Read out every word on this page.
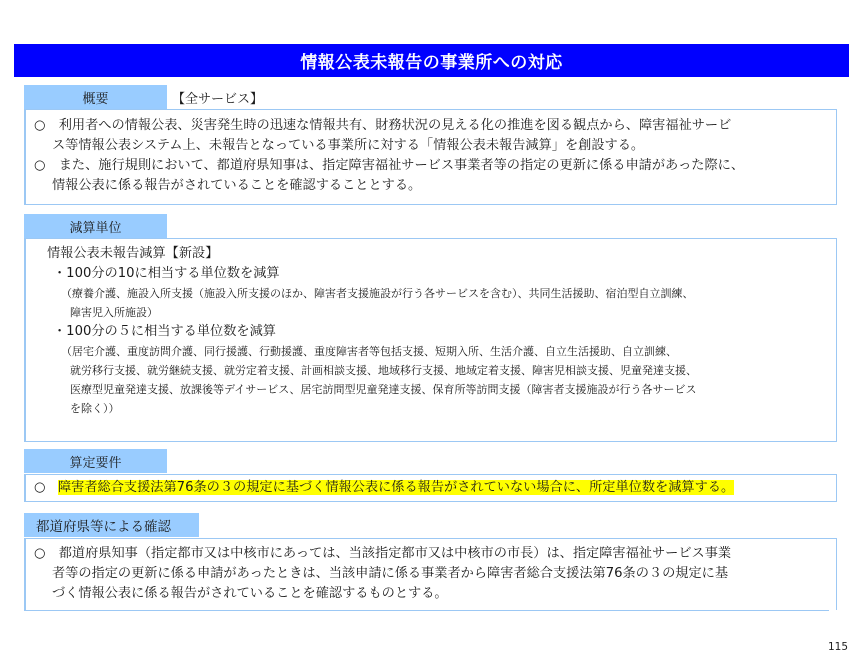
情報公表未報告の事業所への対応
概要	【全サービス】
○　利用者への情報公表、災害発生時の迅速な情報共有、財務状況の見える化の推進を図る観点から、障害福祉サービ
ス等情報公表システム上、未報告となっている事業所に対する「情報公表未報告減算」を創設する。
○　また、施行規則において、都道府県知事は、指定障害福祉サービス事業者等の指定の更新に係る申請があった際に、
情報公表に係る報告がされていることを確認することとする。
減算単位
情報公表未報告減算【新設】
・100分の10に相当する単位数を減算
（療養介護、施設入所支援（施設入所支援のほか、障害者支援施設が行う各サービスを含む）、共同生活援助、宿泊型自立訓練、
障害児入所施設）
・100分の５に相当する単位数を減算
（居宅介護、重度訪問介護、同行援護、行動援護、重度障害者等包括支援、短期入所、生活介護、自立生活援助、自立訓練、
就労移行支援、就労継続支援、就労定着支援、計画相談支援、地域移行支援、地域定着支援、障害児相談支援、児童発達支援、
医療型児童発達支援、放課後等デイサービス、居宅訪問型児童発達支援、保育所等訪問支援（障害者支援施設が行う各サービス
を除く））
算定要件
○ 障害者総合支援法第76条の３の規定に基づく情報公表に係る報告がされていない場合に、所定単位数を減算する。
都道府県等による確認
○　都道府県知事（指定都市又は中核市にあっては、当該指定都市又は中核市の市長）は、指定障害福祉サービス事業
者等の指定の更新に係る申請があったときは、当該申請に係る事業者から障害者総合支援法第76条の３の規定に基
づく情報公表に係る報告がされていることを確認するものとする。
115
